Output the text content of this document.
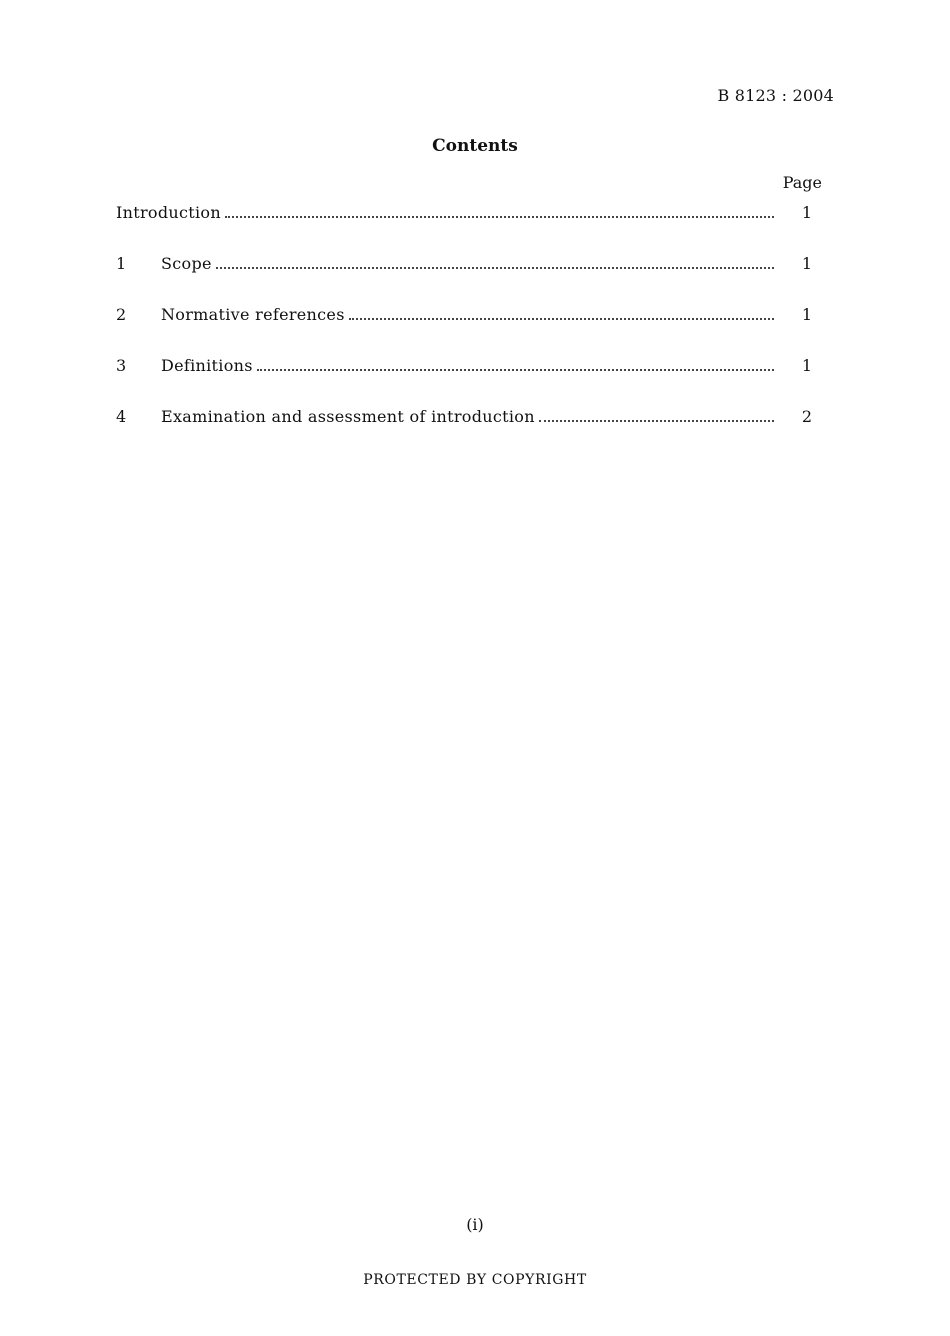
B 8123 : 2004
Contents
Page
Introduction	1
1	Scope	1
2	Normative references	1
3	Definitions	1
4	Examination and assessment of introduction	2
(i)
PROTECTED BY COPYRIGHT
